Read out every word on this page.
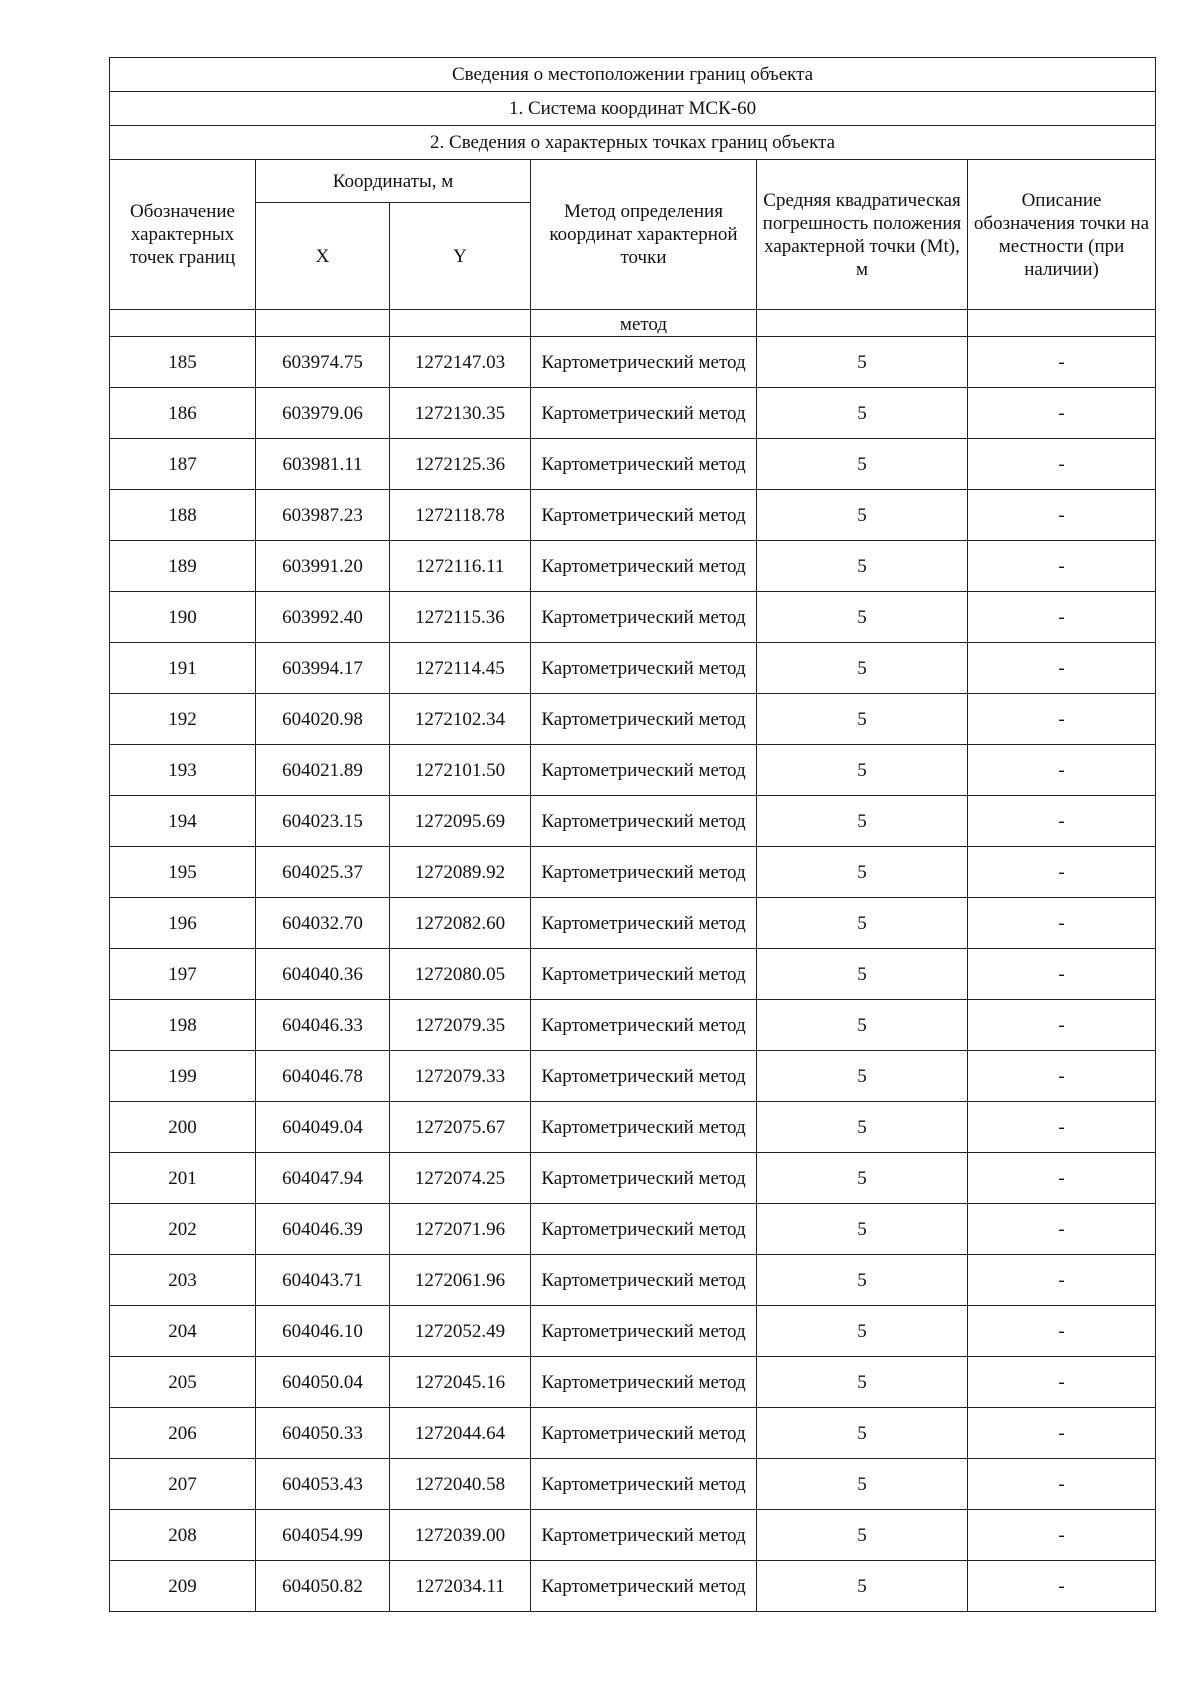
Сведения о местоположении границ объекта					
1. Система координат МСК-60					
2. Сведения о характерных точках границ объекта					
Обозначение характерных точек границ	Координаты, м		Метод определения координат характерной точки	Средняя квадратическая погрешность положения характерной точки (Mt), м	Описание обозначения точки на местности (при наличии)
	X	Y			
			метод		
185	603974.75	1272147.03	Картометрический метод	5	-
186	603979.06	1272130.35	Картометрический метод	5	-
187	603981.11	1272125.36	Картометрический метод	5	-
188	603987.23	1272118.78	Картометрический метод	5	-
189	603991.20	1272116.11	Картометрический метод	5	-
190	603992.40	1272115.36	Картометрический метод	5	-
191	603994.17	1272114.45	Картометрический метод	5	-
192	604020.98	1272102.34	Картометрический метод	5	-
193	604021.89	1272101.50	Картометрический метод	5	-
194	604023.15	1272095.69	Картометрический метод	5	-
195	604025.37	1272089.92	Картометрический метод	5	-
196	604032.70	1272082.60	Картометрический метод	5	-
197	604040.36	1272080.05	Картометрический метод	5	-
198	604046.33	1272079.35	Картометрический метод	5	-
199	604046.78	1272079.33	Картометрический метод	5	-
200	604049.04	1272075.67	Картометрический метод	5	-
201	604047.94	1272074.25	Картометрический метод	5	-
202	604046.39	1272071.96	Картометрический метод	5	-
203	604043.71	1272061.96	Картометрический метод	5	-
204	604046.10	1272052.49	Картометрический метод	5	-
205	604050.04	1272045.16	Картометрический метод	5	-
206	604050.33	1272044.64	Картометрический метод	5	-
207	604053.43	1272040.58	Картометрический метод	5	-
208	604054.99	1272039.00	Картометрический метод	5	-
209	604050.82	1272034.11	Картометрический метод	5	-
